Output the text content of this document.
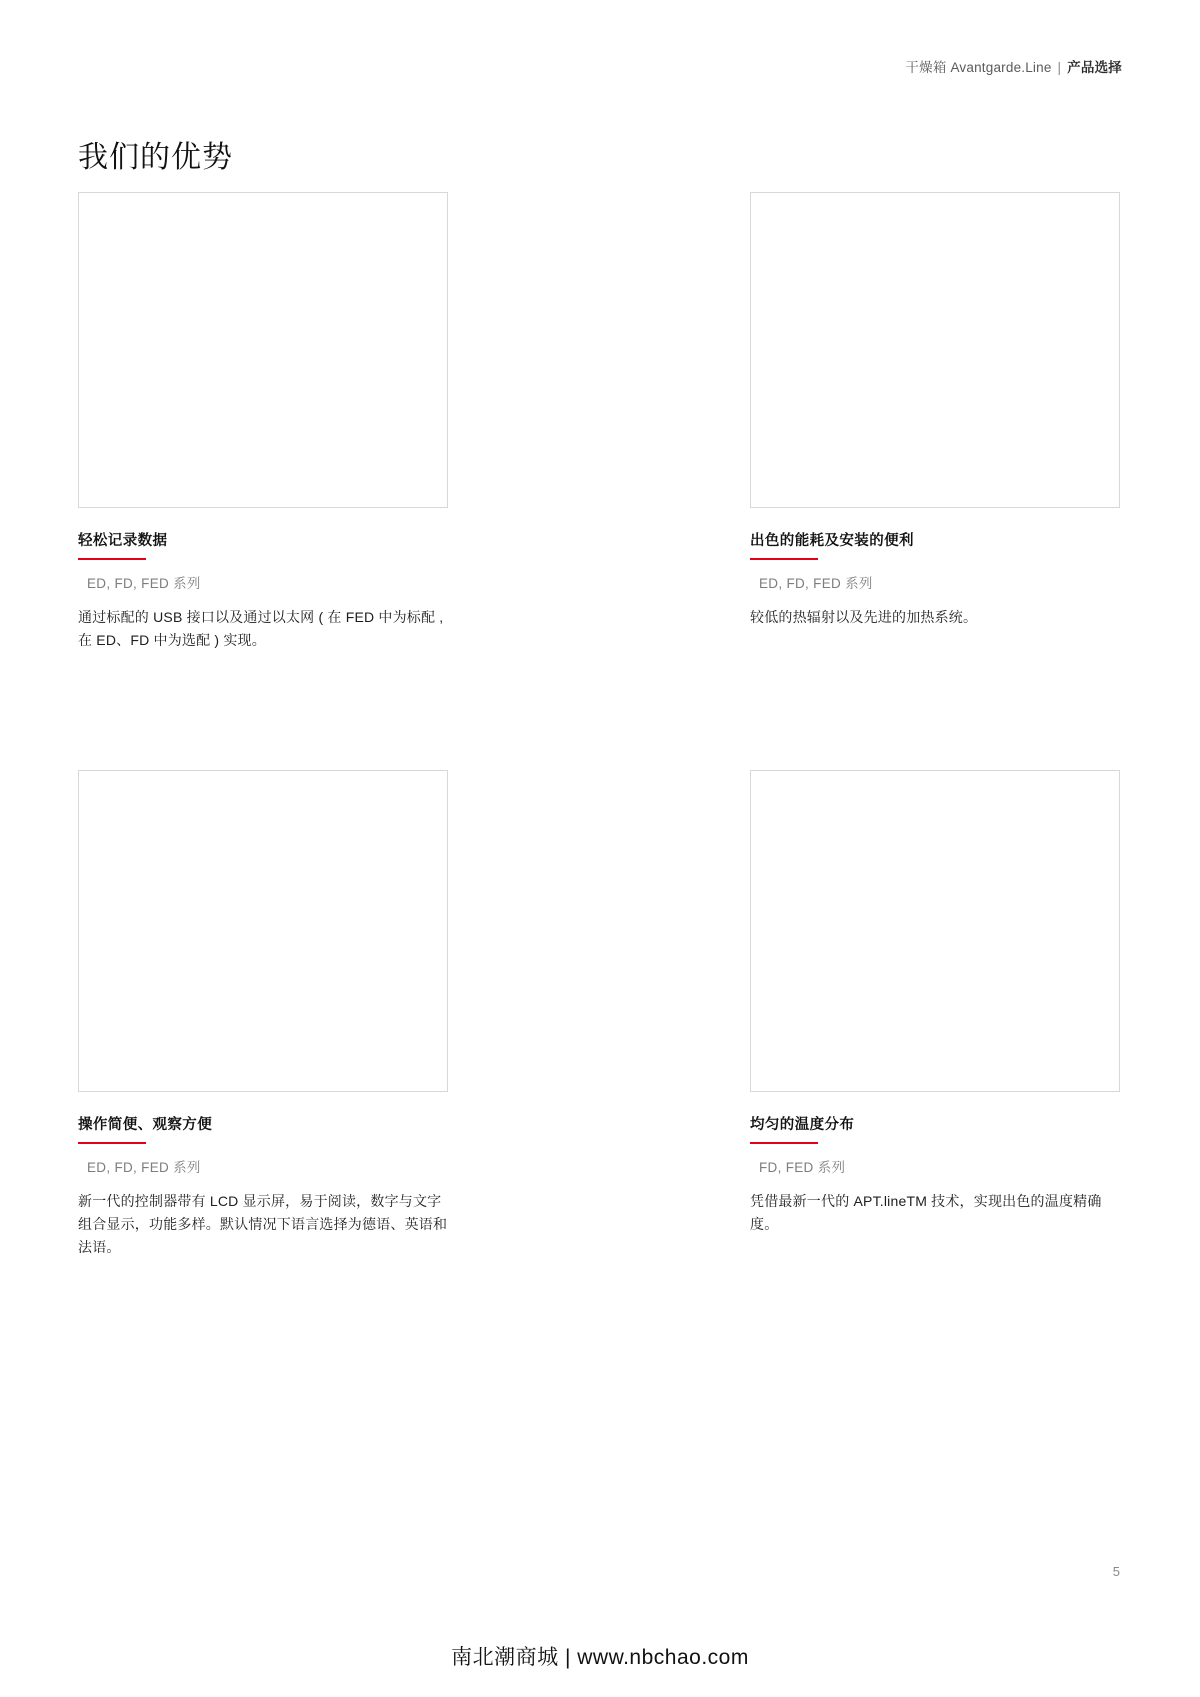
干燥箱 Avantgarde.Line | 产品选择
我们的优势
轻松记录数据
ED, FD, FED 系列
通过标配的 USB 接口以及通过以太网 ( 在 FED 中为标配 , 在 ED、FD 中为选配 ) 实现。
出色的能耗及安装的便利
ED, FD, FED 系列
较低的热辐射以及先进的加热系统。
操作简便、观察方便
ED, FD, FED 系列
新一代的控制器带有 LCD 显示屏，易于阅读，数字与文字组合显示，功能多样。默认情况下语言选择为德语、英语和法语。
均匀的温度分布
FD, FED 系列
凭借最新一代的 APT.lineTM 技术，实现出色的温度精确度。
5
南北潮商城 | www.nbchao.com
